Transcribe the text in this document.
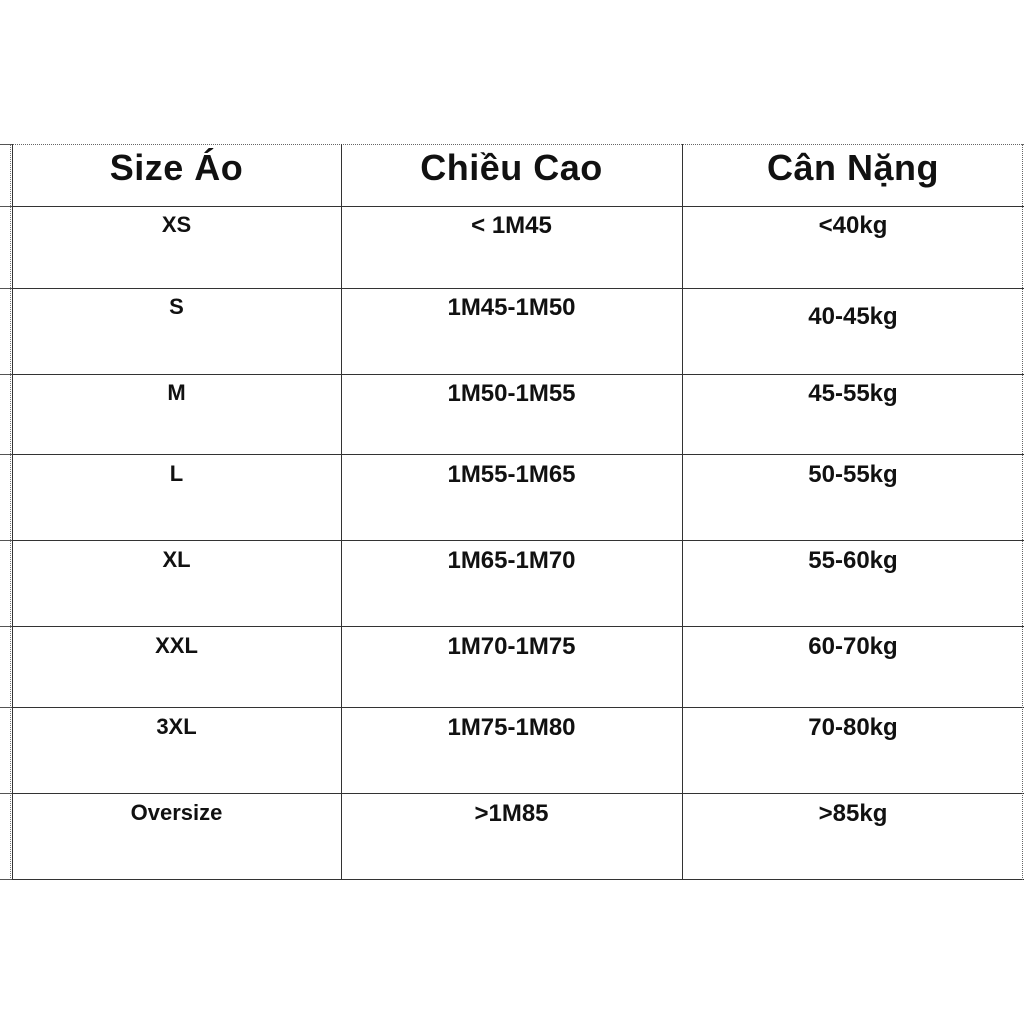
Size Áo	Chiều Cao	Cân Nặng
XS	< 1M45	<40kg
S	1M45-1M50	40-45kg
M	1M50-1M55	45-55kg
L	1M55-1M65	50-55kg
XL	1M65-1M70	55-60kg
XXL	1M70-1M75	60-70kg
3XL	1M75-1M80	70-80kg
Oversize	>1M85	>85kg
